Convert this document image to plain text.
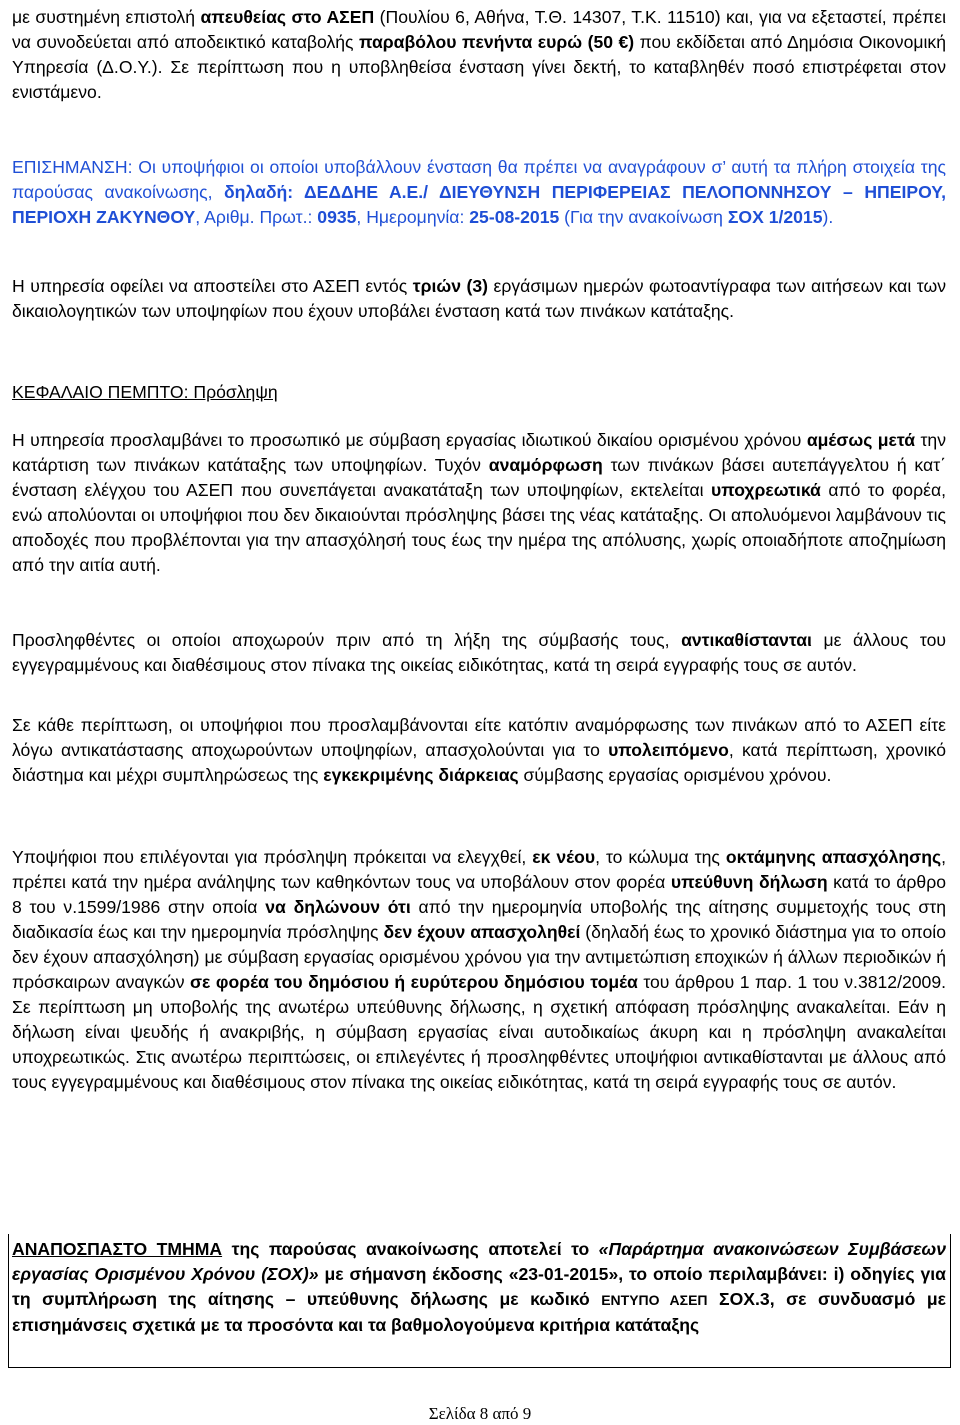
με συστημένη επιστολή απευθείας στο ΑΣΕΠ (Πουλίου 6, Αθήνα, Τ.Θ. 14307, Τ.Κ. 11510) και, για να εξεταστεί, πρέπει να συνοδεύεται από αποδεικτικό καταβολής παραβόλου πενήντα ευρώ (50 €) που εκδίδεται από Δημόσια Οικονομική Υπηρεσία (Δ.Ο.Υ.). Σε περίπτωση που η υποβληθείσα ένσταση γίνει δεκτή, το καταβληθέν ποσό επιστρέφεται στον ενιστάμενο.

ΕΠΙΣΗΜΑΝΣΗ: Οι υποψήφιοι οι οποίοι υποβάλλουν ένσταση θα πρέπει να αναγράφουν σ’ αυτή τα πλήρη στοιχεία της παρούσας ανακοίνωσης, δηλαδή: ΔΕΔΔΗΕ Α.Ε./ ΔΙΕΥΘΥΝΣΗ ΠΕΡΙΦΕΡΕΙΑΣ ΠΕΛΟΠΟΝΝΗΣΟΥ – ΗΠΕΙΡΟΥ, ΠΕΡΙΟΧΗ ΖΑΚΥΝΘΟΥ, Αριθμ. Πρωτ.: 0935, Ημερομηνία: 25-08-2015 (Για την ανακοίνωση ΣΟΧ 1/2015).

Η υπηρεσία οφείλει να αποστείλει στο ΑΣΕΠ εντός τριών (3) εργάσιμων ημερών φωτοαντίγραφα των αιτήσεων και των δικαιολογητικών των υποψηφίων που έχουν υποβάλει ένσταση κατά των πινάκων κατάταξης.

ΚΕΦΑΛΑΙΟ ΠΕΜΠΤΟ: Πρόσληψη

Η υπηρεσία προσλαμβάνει το προσωπικό με σύμβαση εργασίας ιδιωτικού δικαίου ορισμένου χρόνου αμέσως μετά την κατάρτιση των πινάκων κατάταξης των υποψηφίων. Τυχόν αναμόρφωση των πινάκων βάσει αυτεπάγγελτου ή κατ΄ ένσταση ελέγχου του ΑΣΕΠ που συνεπάγεται ανακατάταξη των υποψηφίων, εκτελείται υποχρεωτικά από το φορέα, ενώ απολύονται οι υποψήφιοι που δεν δικαιούνται πρόσληψης βάσει της νέας κατάταξης. Οι απολυόμενοι λαμβάνουν τις αποδοχές που προβλέπονται για την απασχόλησή τους έως την ημέρα της απόλυσης, χωρίς οποιαδήποτε αποζημίωση από την αιτία αυτή.

Προσληφθέντες οι οποίοι αποχωρούν πριν από τη λήξη της σύμβασής τους, αντικαθίστανται με άλλους του εγγεγραμμένους και διαθέσιμους στον πίνακα της οικείας ειδικότητας, κατά τη σειρά εγγραφής τους σε αυτόν.

Σε κάθε περίπτωση, οι υποψήφιοι που προσλαμβάνονται είτε κατόπιν αναμόρφωσης των πινάκων από το ΑΣΕΠ είτε λόγω αντικατάστασης αποχωρούντων υποψηφίων, απασχολούνται για το υπολειπόμενο, κατά περίπτωση, χρονικό διάστημα και μέχρι συμπληρώσεως της εγκεκριμένης διάρκειας σύμβασης εργασίας ορισμένου χρόνου.

Υποψήφιοι που επιλέγονται για πρόσληψη πρόκειται να ελεγχθεί, εκ νέου, το κώλυμα της οκτάμηνης απασχόλησης, πρέπει κατά την ημέρα ανάληψης των καθηκόντων τους να υποβάλουν στον φορέα υπεύθυνη δήλωση κατά το άρθρο 8 του ν.1599/1986 στην οποία να δηλώνουν ότι από την ημερομηνία υποβολής της αίτησης συμμετοχής τους στη διαδικασία έως και την ημερομηνία πρόσληψης δεν έχουν απασχοληθεί (δηλαδή έως το χρονικό διάστημα για το οποίο δεν έχουν απασχόληση) με σύμβαση εργασίας ορισμένου χρόνου για την αντιμετώπιση εποχικών ή άλλων περιοδικών ή πρόσκαιρων αναγκών σε φορέα του δημόσιου ή ευρύτερου δημόσιου τομέα του άρθρου 1 παρ. 1 του ν.3812/2009. Σε περίπτωση μη υποβολής της ανωτέρω υπεύθυνης δήλωσης, η σχετική απόφαση πρόσληψης ανακαλείται. Εάν η δήλωση είναι ψευδής ή ανακριβής, η σύμβαση εργασίας είναι αυτοδικαίως άκυρη και η πρόσληψη ανακαλείται υποχρεωτικώς. Στις ανωτέρω περιπτώσεις, οι επιλεγέντες ή προσληφθέντες υποψήφιοι αντικαθίστανται με άλλους από τους εγγεγραμμένους και διαθέσιμους στον πίνακα της οικείας ειδικότητας, κατά τη σειρά εγγραφής τους σε αυτόν.

ΑΝΑΠΟΣΠΑΣΤΟ ΤΜΗΜΑ της παρούσας ανακοίνωσης αποτελεί το «Παράρτημα ανακοινώσεων Συμβάσεων εργασίας Ορισμένου Χρόνου (ΣΟΧ)» με σήμανση έκδοσης «23-01-2015», το οποίο περιλαμβάνει: i) οδηγίες για τη συμπλήρωση της αίτησης – υπεύθυνης δήλωσης με κωδικό ΕΝΤΥΠΟ ΑΣΕΠ ΣΟΧ.3, σε συνδυασμό με επισημάνσεις σχετικά με τα προσόντα και τα βαθμολογούμενα κριτήρια κατάταξης

Σελίδα 8 από 9
